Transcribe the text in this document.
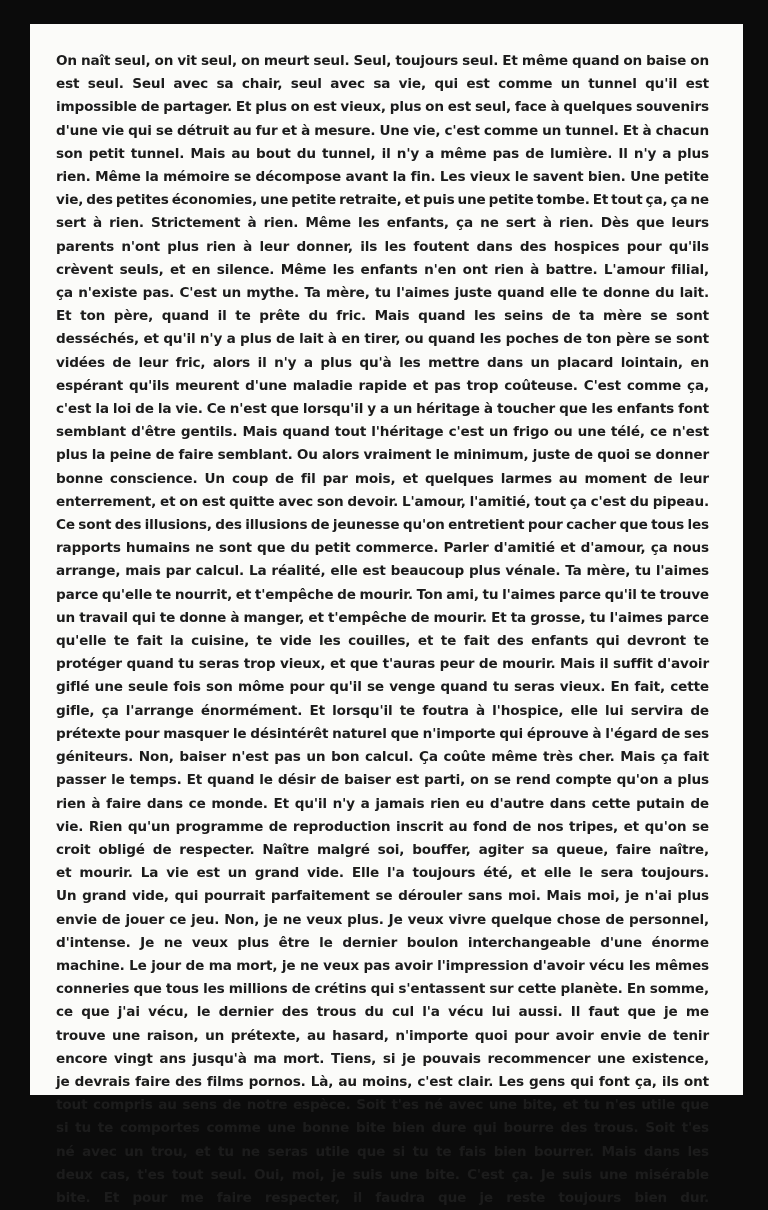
On naît seul, on vit seul, on meurt seul. Seul, toujours seul. Et même quand on baise on
est seul. Seul avec sa chair, seul avec sa vie, qui est comme un tunnel qu'il est
impossible de partager. Et plus on est vieux, plus on est seul, face à quelques souvenirs
d'une vie qui se détruit au fur et à mesure. Une vie, c'est comme un tunnel. Et à chacun
son petit tunnel. Mais au bout du tunnel, il n'y a même pas de lumière. Il n'y a plus
rien. Même la mémoire se décompose avant la fin. Les vieux le savent bien. Une petite
vie, des petites économies, une petite retraite, et puis une petite tombe. Et tout ça, ça ne
sert à rien. Strictement à rien. Même les enfants, ça ne sert à rien. Dès que leurs
parents n'ont plus rien à leur donner, ils les foutent dans des hospices pour qu'ils
crèvent seuls, et en silence. Même les enfants n'en ont rien à battre. L'amour filial,
ça n'existe pas. C'est un mythe. Ta mère, tu l'aimes juste quand elle te donne du lait.
Et ton père, quand il te prête du fric. Mais quand les seins de ta mère se sont
desséchés, et qu'il n'y a plus de lait à en tirer, ou quand les poches de ton père se sont
vidées de leur fric, alors il n'y a plus qu'à les mettre dans un placard lointain, en
espérant qu'ils meurent d'une maladie rapide et pas trop coûteuse. C'est comme ça,
c'est la loi de la vie. Ce n'est que lorsqu'il y a un héritage à toucher que les enfants font
semblant d'être gentils. Mais quand tout l'héritage c'est un frigo ou une télé, ce n'est
plus la peine de faire semblant. Ou alors vraiment le minimum, juste de quoi se donner
bonne conscience. Un coup de fil par mois, et quelques larmes au moment de leur
enterrement, et on est quitte avec son devoir. L'amour, l'amitié, tout ça c'est du pipeau.
Ce sont des illusions, des illusions de jeunesse qu'on entretient pour cacher que tous les
rapports humains ne sont que du petit commerce. Parler d'amitié et d'amour, ça nous
arrange, mais par calcul. La réalité, elle est beaucoup plus vénale. Ta mère, tu l'aimes
parce qu'elle te nourrit, et t'empêche de mourir. Ton ami, tu l'aimes parce qu'il te trouve
un travail qui te donne à manger, et t'empêche de mourir. Et ta grosse, tu l'aimes parce
qu'elle te fait la cuisine, te vide les couilles, et te fait des enfants qui devront te
protéger quand tu seras trop vieux, et que t'auras peur de mourir. Mais il suffit d'avoir
giflé une seule fois son môme pour qu'il se venge quand tu seras vieux. En fait, cette
gifle, ça l'arrange énormément. Et lorsqu'il te foutra à l'hospice, elle lui servira de
prétexte pour masquer le désintérêt naturel que n'importe qui éprouve à l'égard de ses
géniteurs. Non, baiser n'est pas un bon calcul. Ça coûte même très cher. Mais ça fait
passer le temps. Et quand le désir de baiser est parti, on se rend compte qu'on a plus
rien à faire dans ce monde. Et qu'il n'y a jamais rien eu d'autre dans cette putain de
vie. Rien qu'un programme de reproduction inscrit au fond de nos tripes, et qu'on se
croit obligé de respecter. Naître malgré soi, bouffer, agiter sa queue, faire naître,
et mourir. La vie est un grand vide. Elle l'a toujours été, et elle le sera toujours.
Un grand vide, qui pourrait parfaitement se dérouler sans moi. Mais moi, je n'ai plus
envie de jouer ce jeu. Non, je ne veux plus. Je veux vivre quelque chose de personnel,
d'intense. Je ne veux plus être le dernier boulon interchangeable d'une énorme
machine. Le jour de ma mort, je ne veux pas avoir l'impression d'avoir vécu les mêmes
conneries que tous les millions de crétins qui s'entassent sur cette planète. En somme,
ce que j'ai vécu, le dernier des trous du cul l'a vécu lui aussi. Il faut que je me
trouve une raison, un prétexte, au hasard, n'importe quoi pour avoir envie de tenir
encore vingt ans jusqu'à ma mort. Tiens, si je pouvais recommencer une existence,
je devrais faire des films pornos. Là, au moins, c'est clair. Les gens qui font ça, ils ont
tout compris au sens de notre espèce. Soit t'es né avec une bite, et tu n'es utile que
si tu te comportes comme une bonne bite bien dure qui bourre des trous. Soit t'es
né avec un trou, et tu ne seras utile que si tu te fais bien bourrer. Mais dans les
deux cas, t'es tout seul. Oui, moi, je suis une bite. C'est ça. Je suis une misérable
bite. Et pour me faire respecter, il faudra que je reste toujours bien dur.
